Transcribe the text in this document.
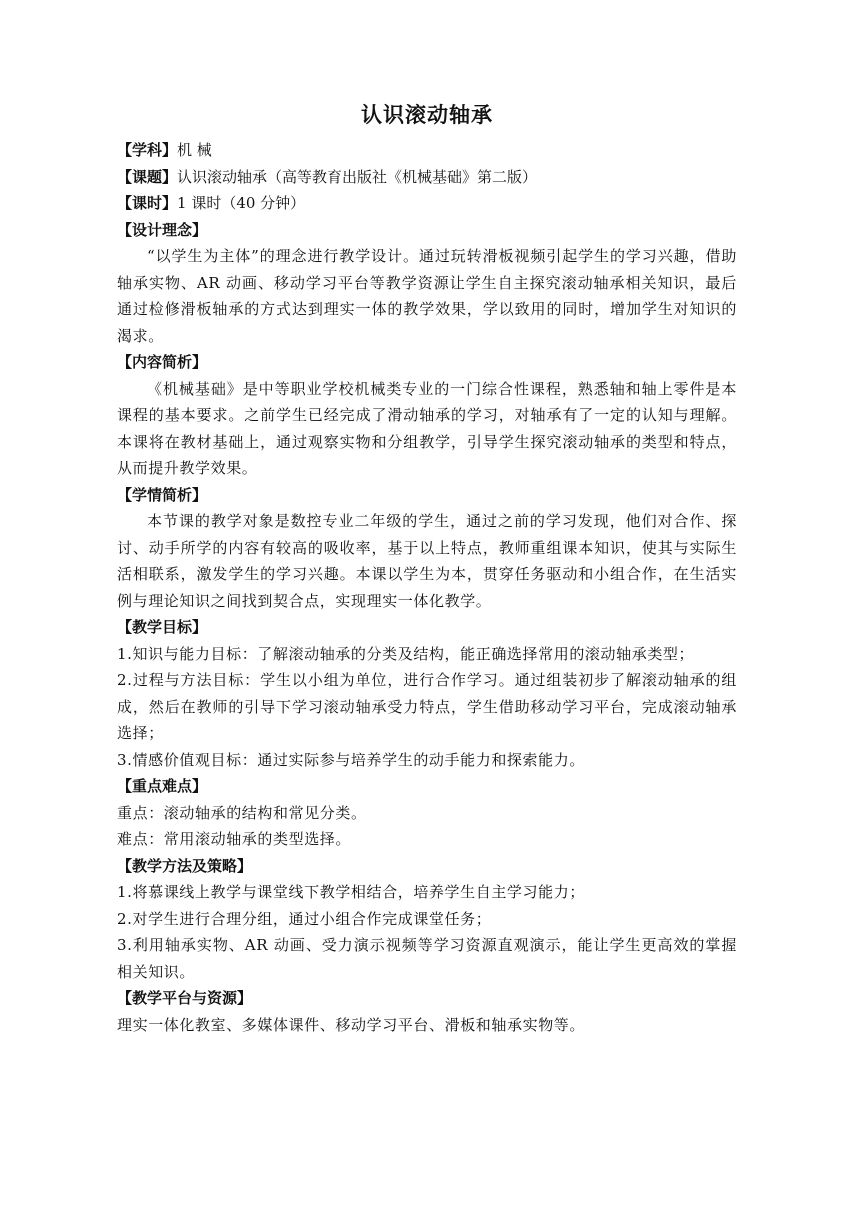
认识滚动轴承

【学科】机 械

【课题】认识滚动轴承（高等教育出版社《机械基础》第二版）

【课时】1 课时（40 分钟）

【设计理念】

“以学生为主体”的理念进行教学设计。通过玩转滑板视频引起学生的学习兴趣，借助轴承实物、AR 动画、移动学习平台等教学资源让学生自主探究滚动轴承相关知识，最后通过检修滑板轴承的方式达到理实一体的教学效果，学以致用的同时，增加学生对知识的渴求。

【内容简析】

《机械基础》是中等职业学校机械类专业的一门综合性课程，熟悉轴和轴上零件是本课程的基本要求。之前学生已经完成了滑动轴承的学习，对轴承有了一定的认知与理解。本课将在教材基础上，通过观察实物和分组教学，引导学生探究滚动轴承的类型和特点，从而提升教学效果。

【学情简析】

本节课的教学对象是数控专业二年级的学生，通过之前的学习发现，他们对合作、探讨、动手所学的内容有较高的吸收率，基于以上特点，教师重组课本知识，使其与实际生活相联系，激发学生的学习兴趣。本课以学生为本，贯穿任务驱动和小组合作，在生活实例与理论知识之间找到契合点，实现理实一体化教学。

【教学目标】

1.知识与能力目标：了解滚动轴承的分类及结构，能正确选择常用的滚动轴承类型；

2.过程与方法目标：学生以小组为单位，进行合作学习。通过组装初步了解滚动轴承的组成，然后在教师的引导下学习滚动轴承受力特点，学生借助移动学习平台，完成滚动轴承选择；

3.情感价值观目标：通过实际参与培养学生的动手能力和探索能力。

【重点难点】

重点：滚动轴承的结构和常见分类。

难点：常用滚动轴承的类型选择。

【教学方法及策略】

1.将慕课线上教学与课堂线下教学相结合，培养学生自主学习能力；

2.对学生进行合理分组，通过小组合作完成课堂任务；

3.利用轴承实物、AR 动画、受力演示视频等学习资源直观演示，能让学生更高效的掌握相关知识。

【教学平台与资源】

理实一体化教室、多媒体课件、移动学习平台、滑板和轴承实物等。
